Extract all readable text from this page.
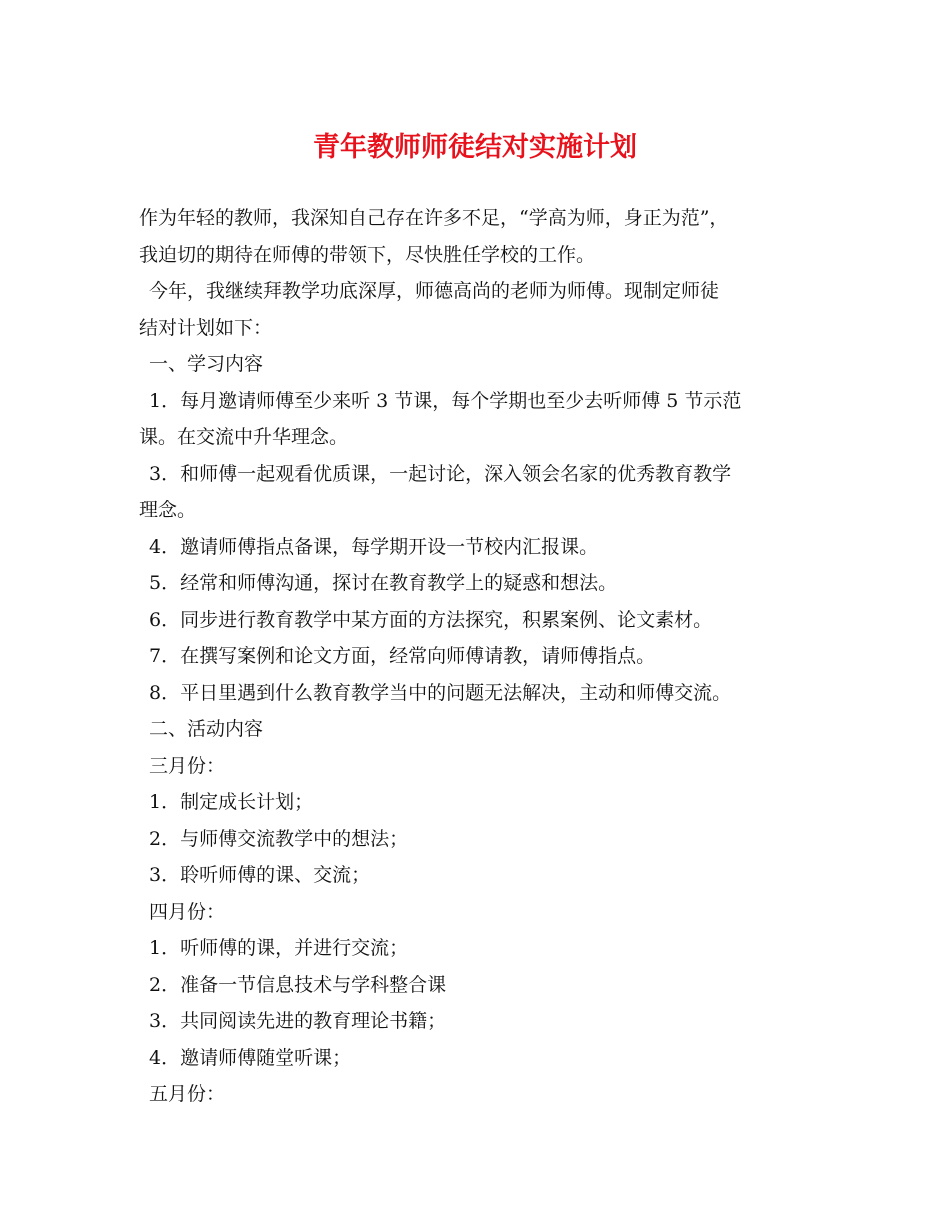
青年教师师徒结对实施计划
作为年轻的教师，我深知自己存在许多不足，“学高为师，身正为范”，
我迫切的期待在师傅的带领下，尽快胜任学校的工作。
今年，我继续拜教学功底深厚，师德高尚的老师为师傅。现制定师徒
结对计划如下：
一、学习内容
1．每月邀请师傅至少来听 3 节课，每个学期也至少去听师傅 5 节示范
课。在交流中升华理念。
3．和师傅一起观看优质课，一起讨论，深入领会名家的优秀教育教学
理念。
4．邀请师傅指点备课，每学期开设一节校内汇报课。
5．经常和师傅沟通，探讨在教育教学上的疑惑和想法。
6．同步进行教育教学中某方面的方法探究，积累案例、论文素材。
7．在撰写案例和论文方面，经常向师傅请教，请师傅指点。
8．平日里遇到什么教育教学当中的问题无法解决，主动和师傅交流。
二、活动内容
三月份：
1．制定成长计划；
2．与师傅交流教学中的想法；
3．聆听师傅的课、交流；
四月份：
1．听师傅的课，并进行交流；
2．准备一节信息技术与学科整合课
3．共同阅读先进的教育理论书籍；
4．邀请师傅随堂听课；
五月份：
